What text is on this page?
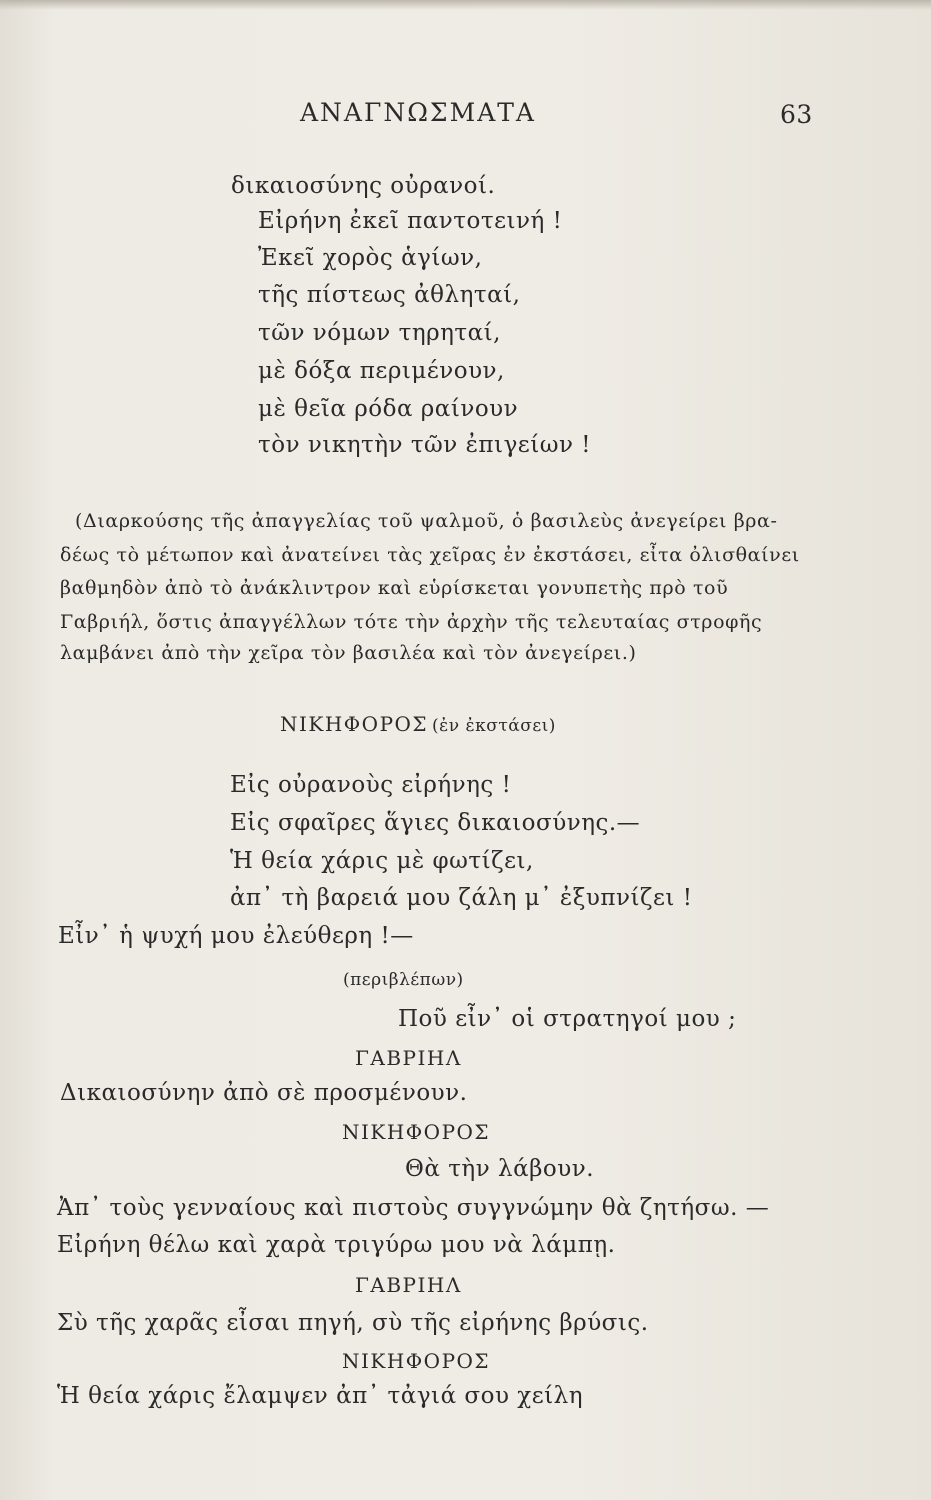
ΑΝΑΓΝΩΣΜΑΤΑ	63
δικαιοσύνης οὐρανοί.
Εἰρήνη ἐκεῖ παντοτεινή !
Ἐκεῖ χορὸς ἁγίων,
τῆς πίστεως ἀθληταί,
τῶν νόμων τηρηταί,
μὲ δόξα περιμένουν,
μὲ θεῖα ρόδα ραίνουν
τὸν νικητὴν τῶν ἐπιγείων !
(Διαρκούσης τῆς ἀπαγγελίας τοῦ ψαλμοῦ, ὁ βασιλεὺς ἀνεγείρει βρα-
δέως τὸ μέτωπον καὶ ἀνατείνει τὰς χεῖρας ἐν ἐκστάσει, εἶτα ὀλισθαίνει
βαθμηδὸν ἀπὸ τὸ ἀνάκλιντρον καὶ εὑρίσκεται γονυπετὴς πρὸ τοῦ
Γαβριήλ, ὅστις ἀπαγγέλλων τότε τὴν ἀρχὴν τῆς τελευταίας στροφῆς
λαμβάνει ἀπὸ τὴν χεῖρα τὸν βασιλέα καὶ τὸν ἀνεγείρει.)
ΝΙΚΗΦΟΡΟΣ (ἐν ἐκστάσει)
Εἰς οὐρανοὺς εἰρήνης !
Εἰς σφαῖρες ἅγιες δικαιοσύνης.—
Ἡ θεία χάρις μὲ φωτίζει,
ἀπ᾽ τὴ βαρειά μου ζάλη μ᾽ ἐξυπνίζει !
Εἶν᾽ ἡ ψυχή μου ἐλεύθερη !—
(περιβλέπων)
Ποῦ εἶν᾽ οἱ στρατηγοί μου ;
ΓΑΒΡΙΗΛ
Δικαιοσύνην ἀπὸ σὲ προσμένουν.
ΝΙΚΗΦΟΡΟΣ
Θὰ τὴν λάβουν.
Ἀπ᾽ τοὺς γενναίους καὶ πιστοὺς συγγνώμην θὰ ζητήσω. —
Εἰρήνη θέλω καὶ χαρὰ τριγύρω μου νὰ λάμπῃ.
ΓΑΒΡΙΗΛ
Σὺ τῆς χαρᾶς εἶσαι πηγή, σὺ τῆς εἰρήνης βρύσις.
ΝΙΚΗΦΟΡΟΣ
Ἡ θεία χάρις ἔλαμψεν ἀπ᾽ τἀγιά σου χείλη
